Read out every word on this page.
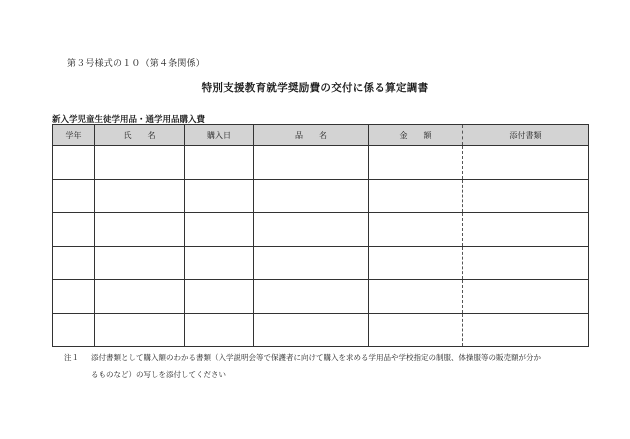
第３号様式の１０（第４条関係）
特別支援教育就学奨励費の交付に係る算定調書
新入学児童生徒学用品・通学用品購入費
学年	氏　　名	購入日	品　　名	金　　額	添付書類

注１ 添付書類として購入額のわかる書類（入学説明会等で保護者に向けて購入を求める学用品や学校指定の制服、体操服等の販売額が分か
るものなど）の写しを添付してください
